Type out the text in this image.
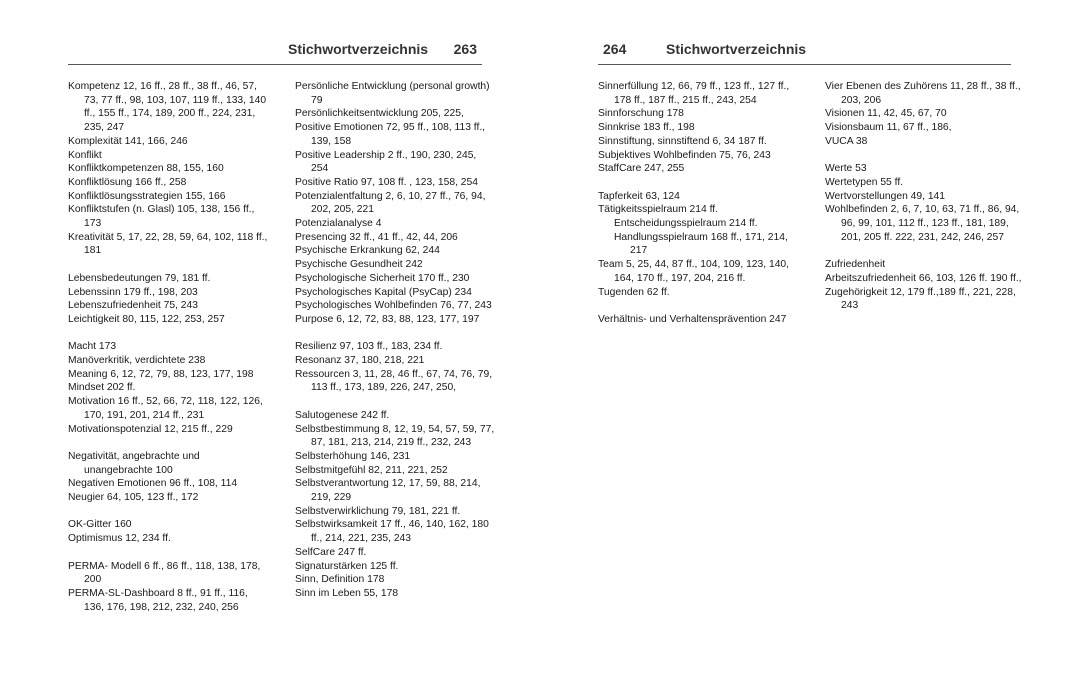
Stichwortverzeichnis 263
Kompetenz 12, 16 ff., 28 ff., 38 ff., 46, 57, 73, 77 ff., 98, 103, 107, 119 ff., 133, 140 ff., 155 ff., 174, 189, 200 ff., 224, 231, 235, 247
Komplexität 141, 166, 246
Konflikt
Konfliktkompetenzen 88, 155, 160
Konfliktlösung 166 ff., 258
Konfliktlösungsstrategien 155, 166
Konfliktstufen (n. Glasl) 105, 138, 156 ff., 173
Kreativität 5, 17, 22, 28, 59, 64, 102, 118 ff., 181
Lebensbedeutungen 79, 181 ff.
Lebenssinn 179 ff., 198, 203
Lebenszufriedenheit 75, 243
Leichtigkeit 80, 115, 122, 253, 257
Macht 173
Manöverkritik, verdichtete 238
Meaning 6, 12, 72, 79, 88, 123, 177, 198
Mindset 202 ff.
Motivation 16 ff., 52, 66, 72, 118, 122, 126, 170, 191, 201, 214 ff., 231
Motivationspotenzial 12, 215 ff., 229
Negativität, angebrachte und unangebrachte 100
Negativen Emotionen 96 ff., 108, 114
Neugier 64, 105, 123 ff., 172
OK-Gitter 160
Optimismus 12, 234 ff.
PERMA- Modell 6 ff., 86 ff., 118, 138, 178, 200
PERMA-SL-Dashboard 8 ff., 91 ff., 116, 136, 176, 198, 212, 232, 240, 256
Persönliche Entwicklung (personal growth) 79
Persönlichkeitsentwicklung 205, 225,
Positive Emotionen 72, 95 ff., 108, 113 ff., 139, 158
Positive Leadership 2 ff., 190, 230, 245, 254
Positive Ratio 97, 108 ff. , 123, 158, 254
Potenzialentfaltung 2, 6, 10, 27 ff., 76, 94, 202, 205, 221
Potenzialanalyse 4
Presencing 32 ff., 41 ff., 42, 44, 206
Psychische Erkrankung 62, 244
Psychische Gesundheit 242
Psychologische Sicherheit 170 ff., 230
Psychologisches Kapital (PsyCap) 234
Psychologisches Wohlbefinden 76, 77, 243
Purpose 6, 12, 72, 83, 88, 123, 177, 197
Resilienz 97, 103 ff., 183, 234 ff.
Resonanz 37, 180, 218, 221
Ressourcen 3, 11, 28, 46 ff., 67, 74, 76, 79, 113 ff., 173, 189, 226, 247, 250,
Salutogenese 242 ff.
Selbstbestimmung 8, 12, 19, 54, 57, 59, 77, 87, 181, 213, 214, 219 ff., 232, 243
Selbsterhöhung 146, 231
Selbstmitgefühl 82, 211, 221, 252
Selbstverantwortung 12, 17, 59, 88, 214, 219, 229
Selbstverwirklichung 79, 181, 221 ff.
Selbstwirksamkeit 17 ff., 46, 140, 162, 180 ff., 214, 221, 235, 243
SelfCare 247 ff.
Signaturstärken 125 ff.
Sinn, Definition 178
Sinn im Leben 55, 178
264	Stichwortverzeichnis
Sinnerfüllung 12, 66, 79 ff., 123 ff., 127 ff., 178 ff., 187 ff., 215 ff., 243, 254
Sinnforschung 178
Sinnkrise 183 ff., 198
Sinnstiftung, sinnstiftend 6, 34 187 ff.
Subjektives Wohlbefinden 75, 76, 243
StaffCare 247, 255
Tapferkeit 63, 124
Tätigkeitsspielraum 214 ff.
Entscheidungsspielraum 214 ff.
Handlungsspielraum 168 ff., 171, 214, 217
Team 5, 25, 44, 87 ff., 104, 109, 123, 140, 164, 170 ff., 197, 204, 216 ff.
Tugenden 62 ff.
Verhältnis- und Verhaltensprävention 247
Vier Ebenen des Zuhörens 11, 28 ff., 38 ff., 203, 206
Visionen 11, 42, 45, 67, 70
Visionsbaum 11, 67 ff., 186,
VUCA 38
Werte 53
Wertetypen 55 ff.
Wertvorstellungen 49, 141
Wohlbefinden 2, 6, 7, 10, 63, 71 ff., 86, 94, 96, 99, 101, 112 ff., 123 ff., 181, 189, 201, 205 ff. 222, 231, 242, 246, 257
Zufriedenheit
Arbeitszufriedenheit 66, 103, 126 ff. 190 ff.,
Zugehörigkeit 12, 179 ff.,189 ff., 221, 228, 243
